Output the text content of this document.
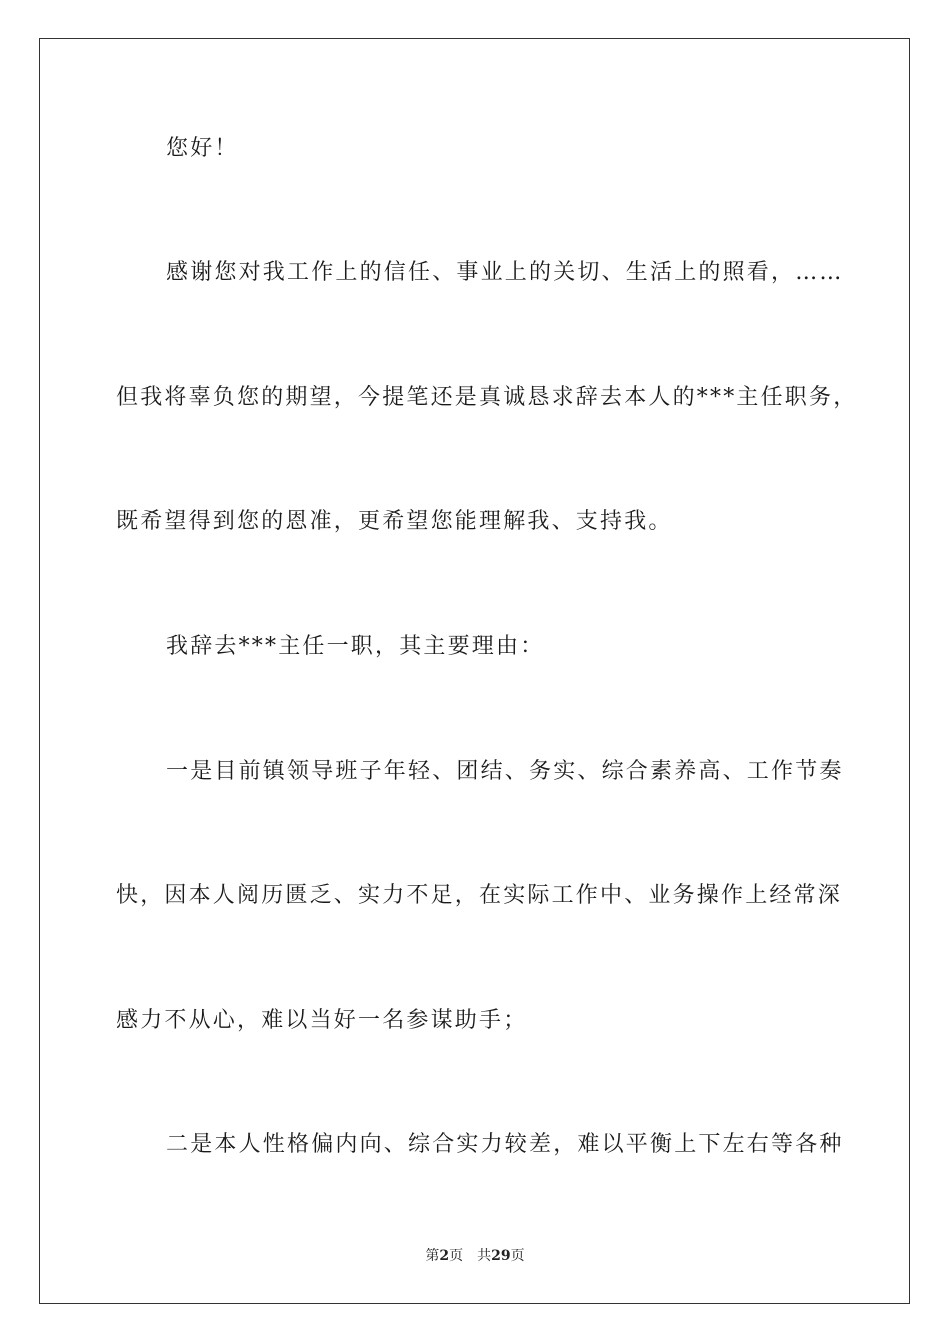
您好！
感谢您对我工作上的信任、事业上的关切、生活上的照看，……
但我将辜负您的期望，今提笔还是真诚恳求辞去本人的***主任职务，
既希望得到您的恩准，更希望您能理解我、支持我。
我辞去***主任一职，其主要理由：
一是目前镇领导班子年轻、团结、务实、综合素养高、工作节奏
快，因本人阅历匮乏、实力不足，在实际工作中、业务操作上经常深
感力不从心，难以当好一名参谋助手；
二是本人性格偏内向、综合实力较差，难以平衡上下左右等各种
第2页 共29页
